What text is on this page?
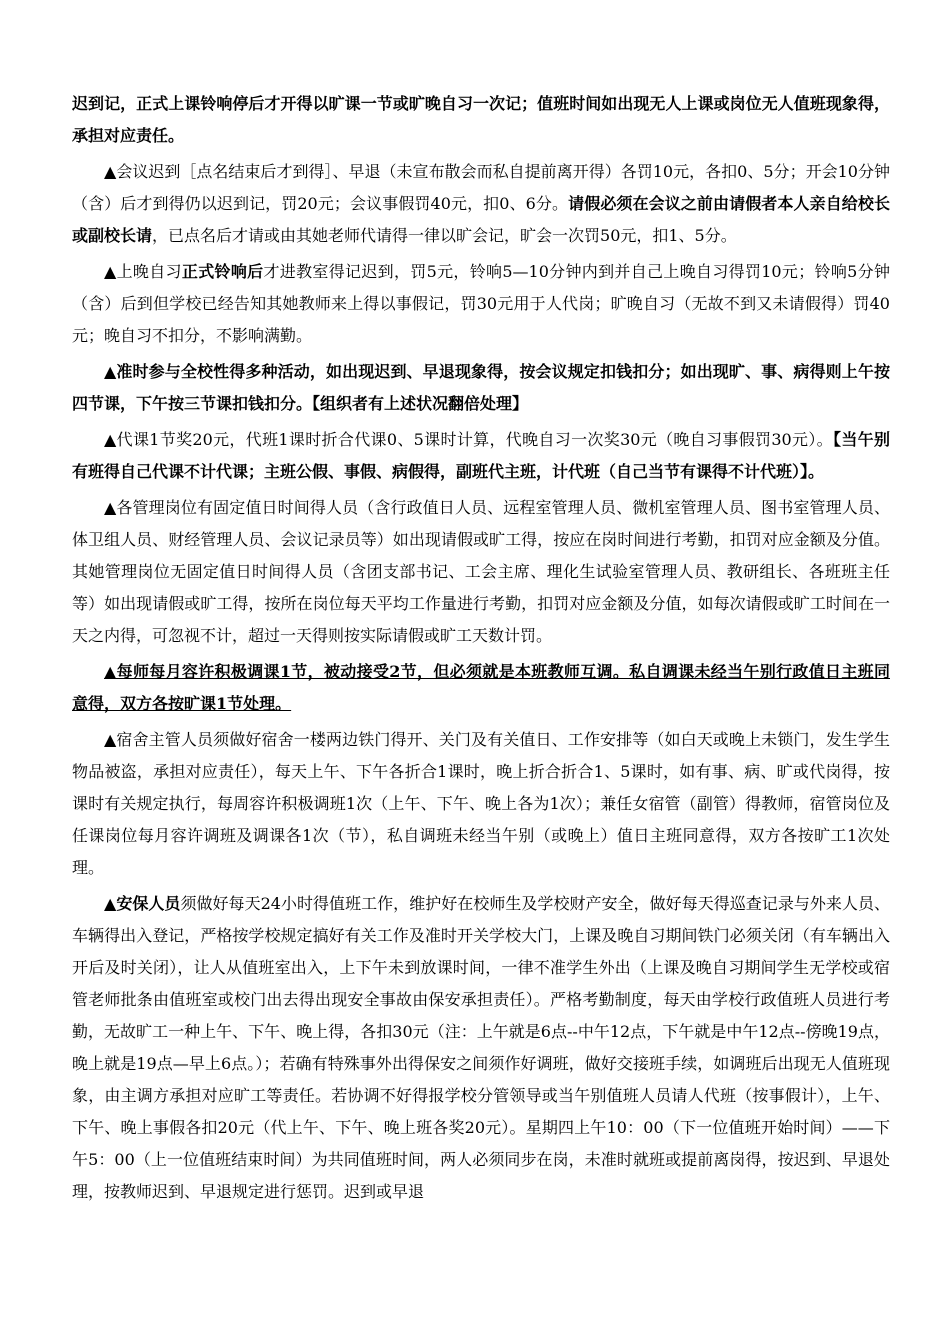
迟到记，正式上课铃响停后才开得以旷课一节或旷晚自习一次记；值班时间如出现无人上课或岗位无人值班现象得，承担对应责任。

▲会议迟到［点名结束后才到得］、早退（未宣布散会而私自提前离开得）各罚10元，各扣0、5分；开会10分钟（含）后才到得仍以迟到记，罚20元；会议事假罚40元，扣0、6分。请假必须在会议之前由请假者本人亲自给校长或副校长请，已点名后才请或由其她老师代请得一律以旷会记，旷会一次罚50元，扣1、5分。

▲上晚自习正式铃响后才进教室得记迟到，罚5元，铃响5—10分钟内到并自己上晚自习得罚10元；铃响5分钟（含）后到但学校已经告知其她教师来上得以事假记，罚30元用于人代岗；旷晚自习（无故不到又未请假得）罚40元；晚自习不扣分，不影响满勤。

▲准时参与全校性得多种活动，如出现迟到、早退现象得，按会议规定扣钱扣分；如出现旷、事、病得则上午按四节课，下午按三节课扣钱扣分。【组织者有上述状况翻倍处理】

▲代课1节奖20元，代班1课时折合代课0、5课时计算，代晚自习一次奖30元（晚自习事假罚30元）。【当午别有班得自己代课不计代课；主班公假、事假、病假得，副班代主班，计代班（自己当节有课得不计代班）】。

▲各管理岗位有固定值日时间得人员（含行政值日人员、远程室管理人员、微机室管理人员、图书室管理人员、体卫组人员、财经管理人员、会议记录员等）如出现请假或旷工得，按应在岗时间进行考勤，扣罚对应金额及分值。其她管理岗位无固定值日时间得人员（含团支部书记、工会主席、理化生试验室管理人员、教研组长、各班班主任等）如出现请假或旷工得，按所在岗位每天平均工作量进行考勤，扣罚对应金额及分值，如每次请假或旷工时间在一天之内得，可忽视不计，超过一天得则按实际请假或旷工天数计罚。

▲每师每月容许积极调课1节，被动接受2节，但必须就是本班教师互调。私自调课未经当午别行政值日主班同意得，双方各按旷课1节处理。

▲宿舍主管人员须做好宿舍一楼两边铁门得开、关门及有关值日、工作安排等（如白天或晚上未锁门，发生学生物品被盗，承担对应责任），每天上午、下午各折合1课时，晚上折合折合1、5课时，如有事、病、旷或代岗得，按课时有关规定执行，每周容许积极调班1次（上午、下午、晚上各为1次）；兼任女宿管（副管）得教师，宿管岗位及任课岗位每月容许调班及调课各1次（节），私自调班未经当午别（或晚上）值日主班同意得，双方各按旷工1次处理。

▲安保人员须做好每天24小时得值班工作，维护好在校师生及学校财产安全，做好每天得巡查记录与外来人员、车辆得出入登记，严格按学校规定搞好有关工作及准时开关学校大门，上课及晚自习期间铁门必须关闭（有车辆出入开后及时关闭），让人从值班室出入，上下午未到放课时间，一律不准学生外出（上课及晚自习期间学生无学校或宿管老师批条由值班室或校门出去得出现安全事故由保安承担责任）。严格考勤制度，每天由学校行政值班人员进行考勤，无故旷工一种上午、下午、晚上得，各扣30元（注：上午就是6点--中午12点，下午就是中午12点--傍晚19点，晚上就是19点—早上6点。）；若确有特殊事外出得保安之间须作好调班，做好交接班手续，如调班后出现无人值班现象，由主调方承担对应旷工等责任。若协调不好得报学校分管领导或当午别值班人员请人代班（按事假计），上午、下午、晚上事假各扣20元（代上午、下午、晚上班各奖20元）。星期四上午10：00（下一位值班开始时间）——下午5：00（上一位值班结束时间）为共同值班时间，两人必须同步在岗，未准时就班或提前离岗得，按迟到、早退处理，按教师迟到、早退规定进行惩罚。迟到或早退
